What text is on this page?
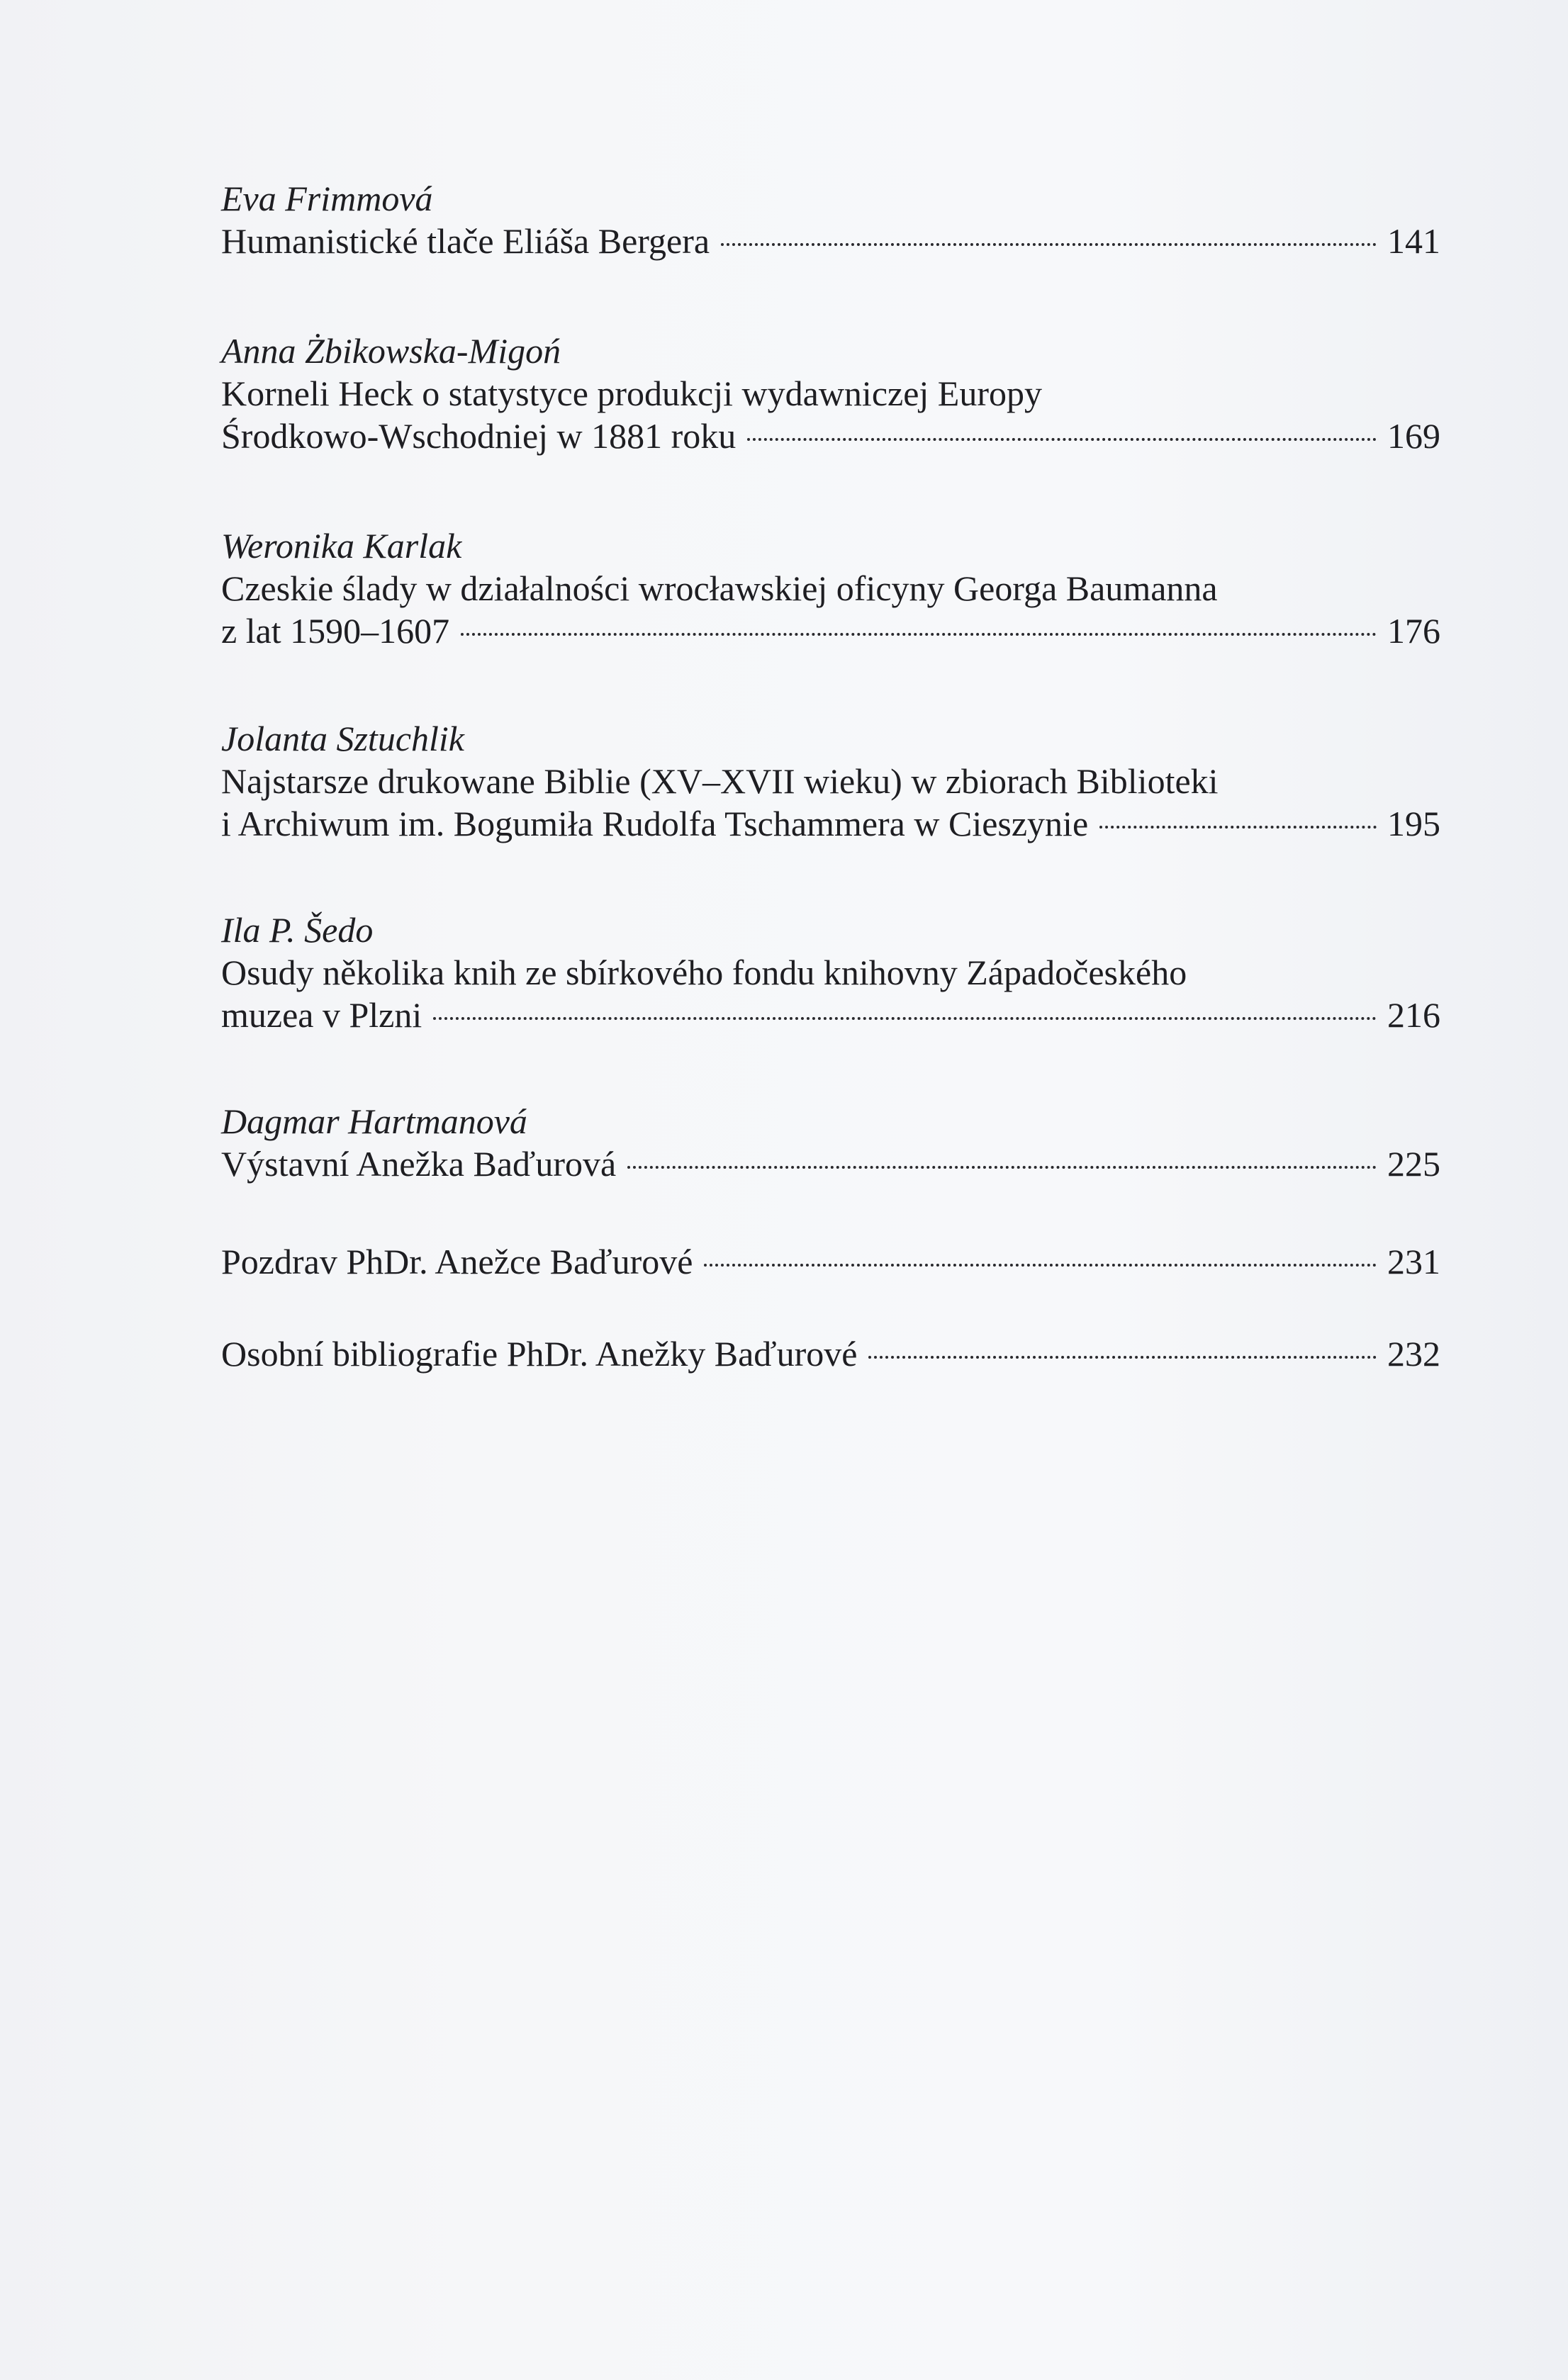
Eva Frimmová
Humanistické tlače Eliáša Bergera	141
Anna Żbikowska-Migoń
Korneli Heck o statystyce produkcji wydawniczej Europy
Środkowo-Wschodniej w 1881 roku	169
Weronika Karlak
Czeskie ślady w działalności wrocławskiej oficyny Georga Baumanna
z lat 1590–1607	176
Jolanta Sztuchlik
Najstarsze drukowane Biblie (XV–XVII wieku) w zbiorach Biblioteki
i Archiwum im. Bogumiła Rudolfa Tschammera w Cieszynie	195
Ila P. Šedo
Osudy několika knih ze sbírkového fondu knihovny Západočeského
muzea v Plzni	216
Dagmar Hartmanová
Výstavní Anežka Baďurová	225
Pozdrav PhDr. Anežce Baďurové	231
Osobní bibliografie PhDr. Anežky Baďurové	232
